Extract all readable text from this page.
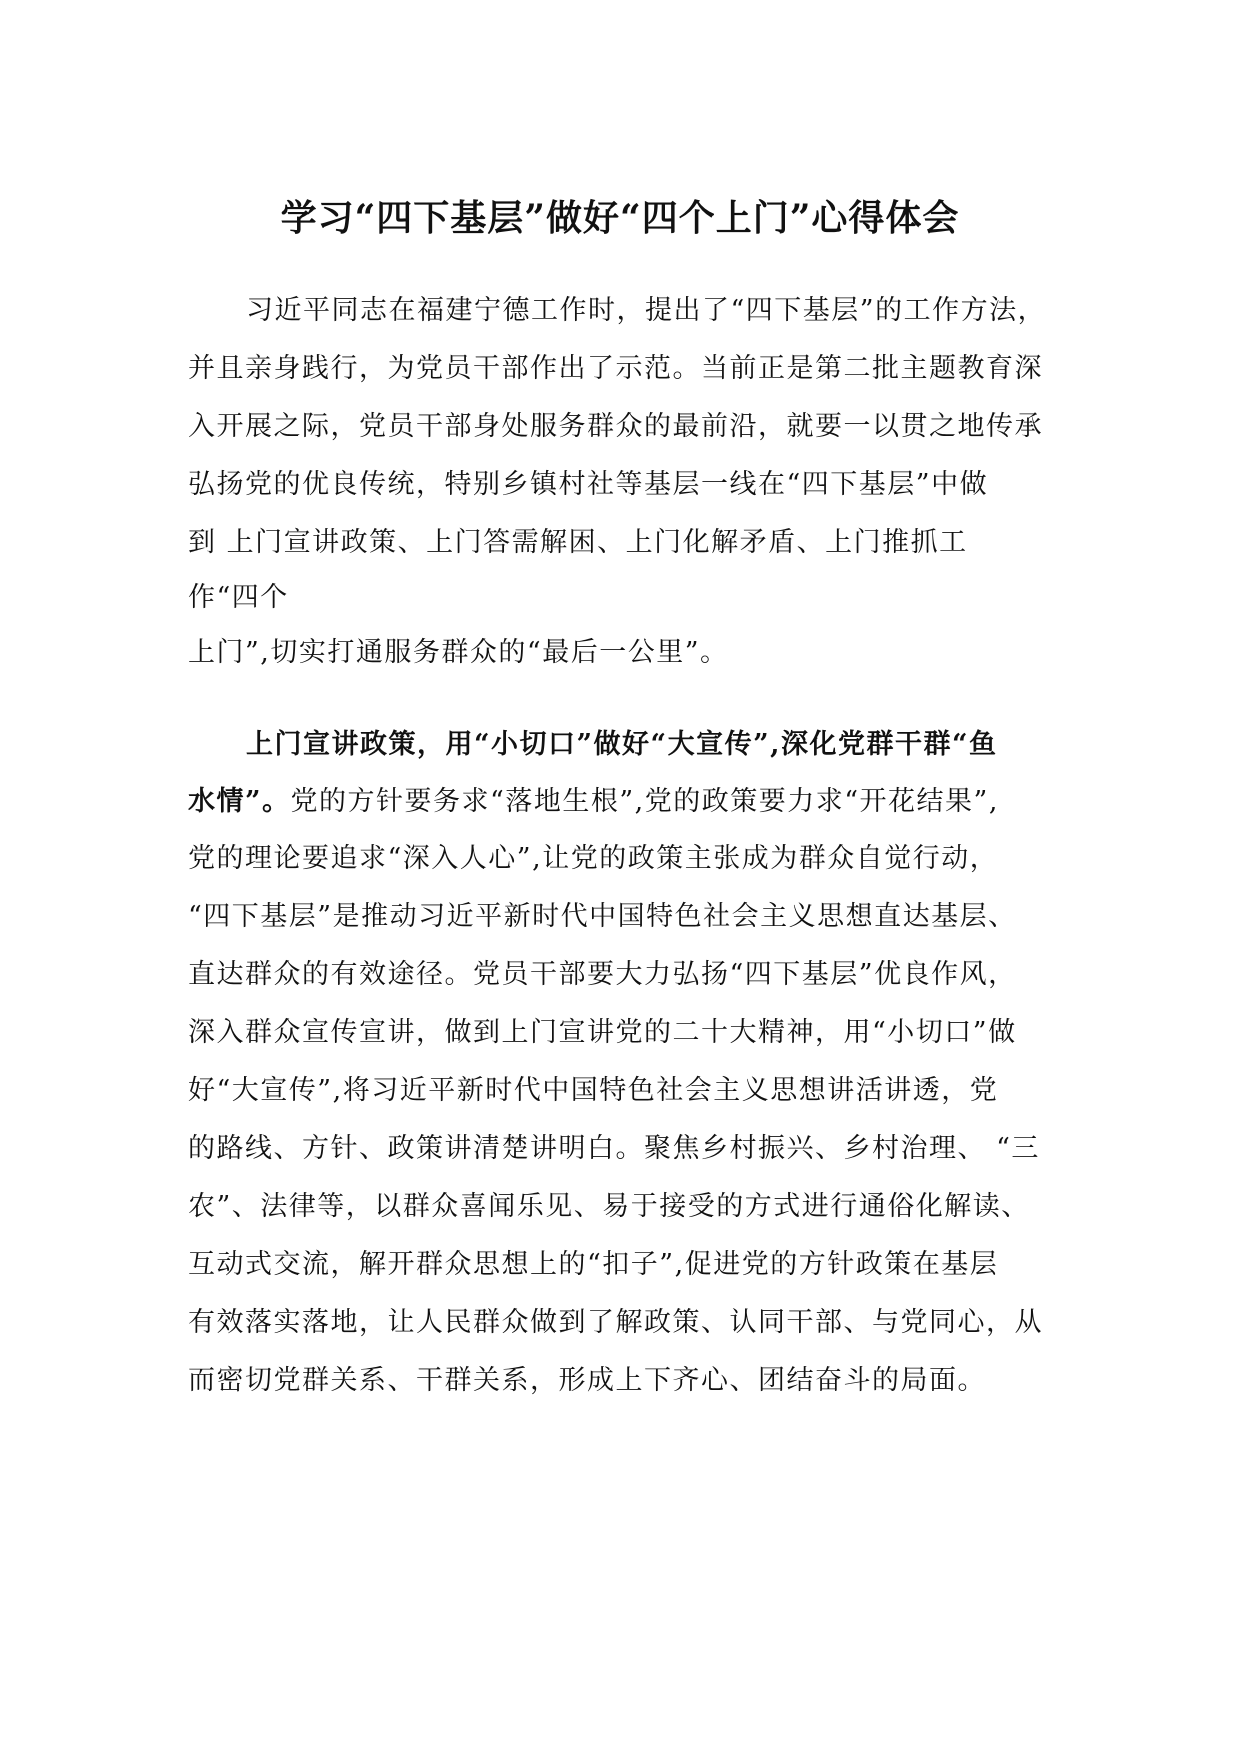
学习“四下基层”做好“四个上门”心得体会

习近平同志在福建宁德工作时，提出了“四下基层”的工作方法，

并且亲身践行，为党员干部作出了示范。当前正是第二批主题教育深

入开展之际，党员干部身处服务群众的最前沿，就要一以贯之地传承

弘扬党的优良传统，特别乡镇村社等基层一线在“四下基层”中做

到 上门宣讲政策、上门答需解困、上门化解矛盾、上门推抓工

作“四个

上门”,切实打通服务群众的“最后一公里”。

上门宣讲政策，用“小切口”做好“大宣传”,深化党群干群“鱼

水情”。党的方针要务求“落地生根”,党的政策要力求“开花结果”,

党的理论要追求“深入人心”,让党的政策主张成为群众自觉行动，

“四下基层”是推动习近平新时代中国特色社会主义思想直达基层、

直达群众的有效途径。党员干部要大力弘扬“四下基层”优良作风，

深入群众宣传宣讲，做到上门宣讲党的二十大精神，用“小切口”做

好“大宣传”,将习近平新时代中国特色社会主义思想讲活讲透，党

的路线、方针、政策讲清楚讲明白。聚焦乡村振兴、乡村治理、 “三

农”、法律等，以群众喜闻乐见、易于接受的方式进行通俗化解读、

互动式交流，解开群众思想上的“扣子”,促进党的方针政策在基层

有效落实落地，让人民群众做到了解政策、认同干部、与党同心，从

而密切党群关系、干群关系，形成上下齐心、团结奋斗的局面。
